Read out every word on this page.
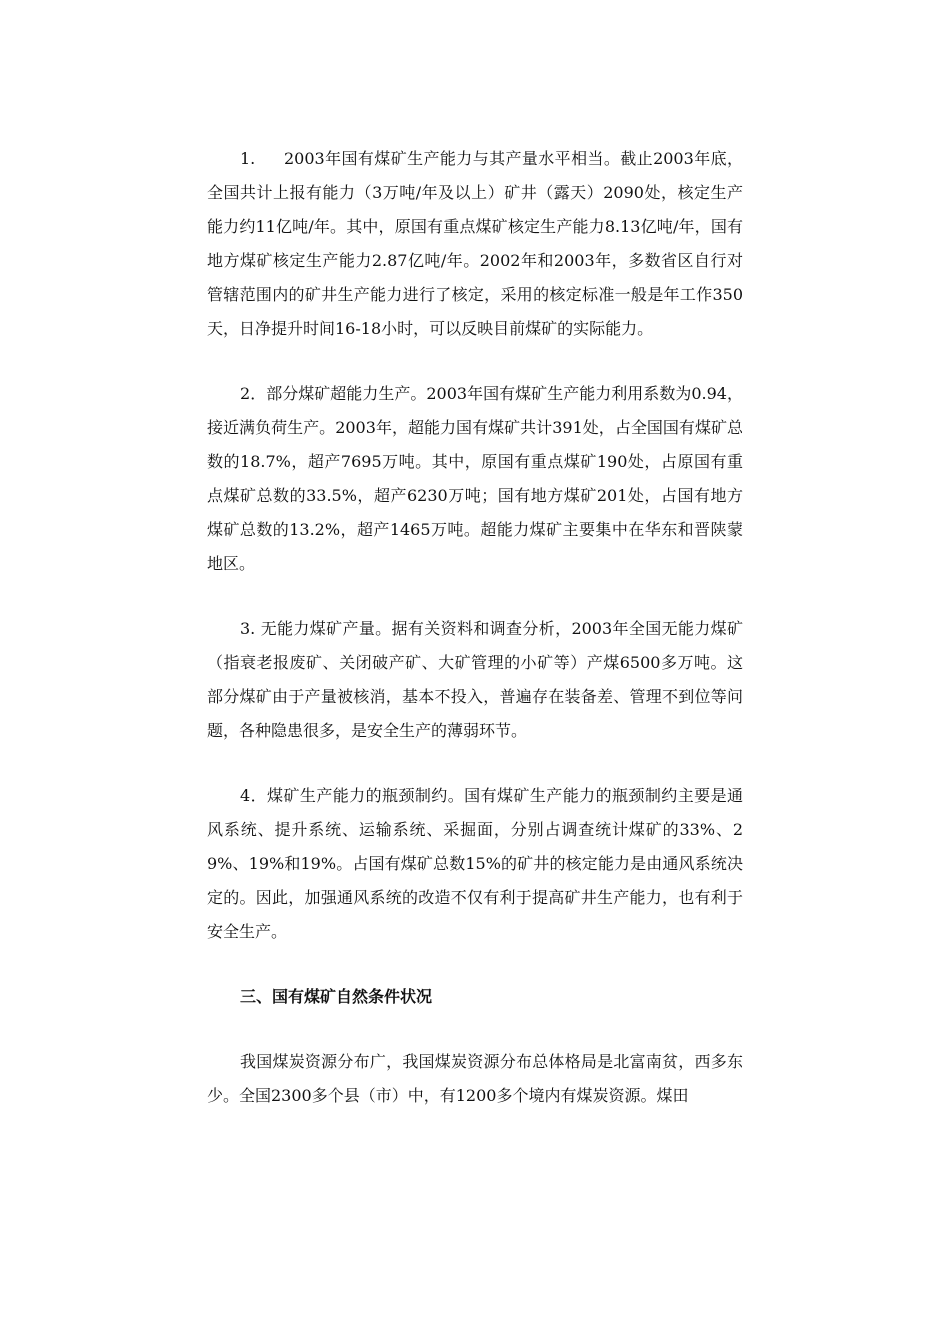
1. 2003年国有煤矿生产能力与其产量水平相当。截止2003年底，全国共计上报有能力（3万吨/年及以上）矿井（露天）2090处，核定生产能力约11亿吨/年。其中，原国有重点煤矿核定生产能力8.13亿吨/年，国有地方煤矿核定生产能力2.87亿吨/年。2002年和2003年，多数省区自行对管辖范围内的矿井生产能力进行了核定，采用的核定标准一般是年工作350天，日净提升时间16-18小时，可以反映目前煤矿的实际能力。

2．部分煤矿超能力生产。2003年国有煤矿生产能力利用系数为0.94，接近满负荷生产。2003年，超能力国有煤矿共计391处，占全国国有煤矿总数的18.7%，超产7695万吨。其中，原国有重点煤矿190处，占原国有重点煤矿总数的33.5%，超产6230万吨；国有地方煤矿201处，占国有地方煤矿总数的13.2%，超产1465万吨。超能力煤矿主要集中在华东和晋陕蒙地区。

3. 无能力煤矿产量。据有关资料和调查分析，2003年全国无能力煤矿（指衰老报废矿、关闭破产矿、大矿管理的小矿等）产煤6500多万吨。这部分煤矿由于产量被核消，基本不投入，普遍存在装备差、管理不到位等问题，各种隐患很多，是安全生产的薄弱环节。

4．煤矿生产能力的瓶颈制约。国有煤矿生产能力的瓶颈制约主要是通风系统、提升系统、运输系统、采掘面，分别占调查统计煤矿的33%、29%、19%和19%。占国有煤矿总数15%的矿井的核定能力是由通风系统决定的。因此，加强通风系统的改造不仅有利于提高矿井生产能力，也有利于安全生产。

三、国有煤矿自然条件状况

我国煤炭资源分布广，我国煤炭资源分布总体格局是北富南贫，西多东少。全国2300多个县（市）中，有1200多个境内有煤炭资源。煤田
